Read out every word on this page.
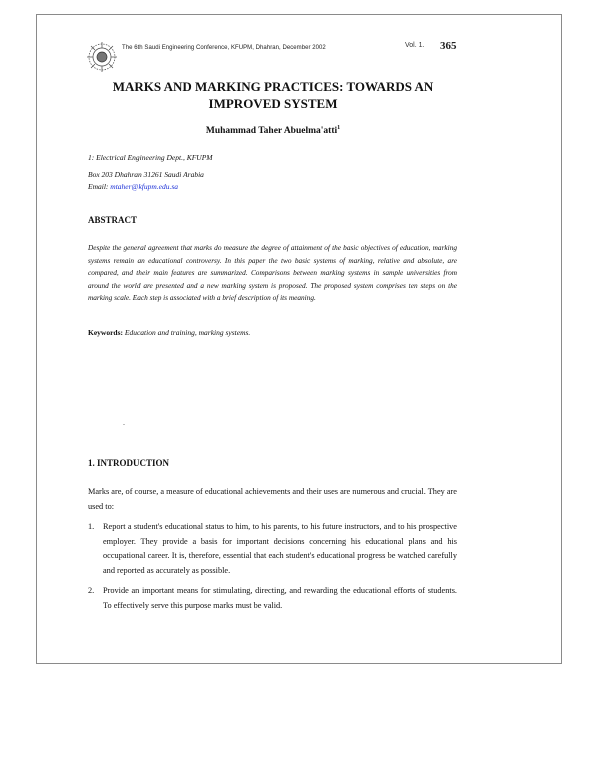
The 6th Saudi Engineering Conference, KFUPM, Dhahran, December 2002	Vol. 1. 365
MARKS AND MARKING PRACTICES: TOWARDS AN
IMPROVED SYSTEM
Muhammad Taher Abuelma'atti$^1$
1: Electrical Engineering Dept., KFUPM
Box 203 Dhahran 31261 Saudi Arabia
Email: mtaher@kfupm.edu.sa
ABSTRACT
Despite the general agreement that marks do measure the degree of attainment of the basic objectives of education, marking systems remain an educational controversy. In this paper the two basic systems of marking, relative and absolute, are compared, and their main features are summarized. Comparisons between marking systems in sample universities from around the world are presented and a new marking system is proposed. The proposed system comprises ten steps on the marking scale. Each step is associated with a brief description of its meaning.
Keywords: Education and training, marking systems.
.
1. INTRODUCTION
Marks are, of course, a measure of educational achievements and their uses are numerous and crucial. They are used to:
1. Report a student's educational status to him, to his parents, to his future instructors, and to his prospective employer. They provide a basis for important decisions concerning his educational plans and his occupational career. It is, therefore, essential that each student's educational progress be watched carefully and reported as accurately as possible.
2. Provide an important means for stimulating, directing, and rewarding the educational efforts of students. To effectively serve this purpose marks must be valid.
